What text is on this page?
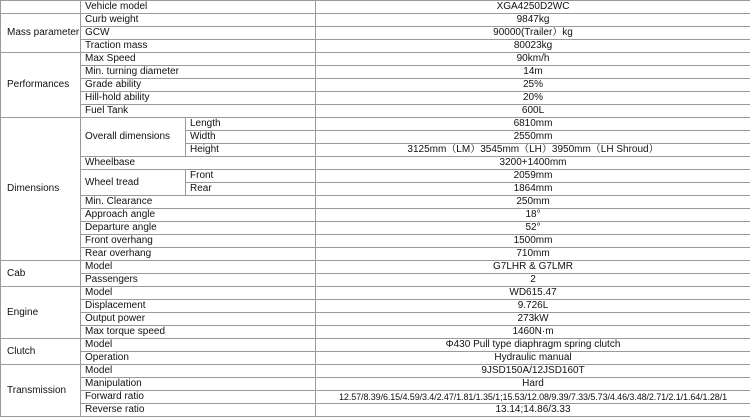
	Vehicle model		XGA4250D2WC
Mass parameter	Curb weight		9847kg
	GCW		90000(Trailer）kg
	Traction mass		80023kg
Performances	Max Speed		90km/h
	Min. turning diameter		14m
	Grade ability		25%
	Hill-hold ability		20%
	Fuel Tank		600L
Dimensions	Overall dimensions	Length	6810mm
		Width	2550mm
		Height	3125mm（LM）3545mm（LH）3950mm（LH Shroud）
	Wheelbase		3200+1400mm
	Wheel tread	Front	2059mm
		Rear	1864mm
	Min. Clearance		250mm
	Approach angle		18°
	Departure angle		52°
	Front overhang		1500mm
	Rear overhang		710mm
Cab	Model		G7LHR & G7LMR
	Passengers		2
Engine	Model		WD615.47
	Displacement		9.726L
	Output power		273kW
	Max torque speed		1460N·m
Clutch	Model		Φ430 Pull type diaphragm spring clutch
	Operation		Hydraulic manual
Transmission	Model		9JSD150A/12JSD160T
	Manipulation		Hard
	Forward ratio		12.57/8.39/6.15/4.59/3.4/2.47/1.81/1.35/1;15.53/12.08/9.39/7.33/5.73/4.46/3.48/2.71/2.1/1.64/1.28/1
	Reverse ratio		13.14;14.86/3.33
